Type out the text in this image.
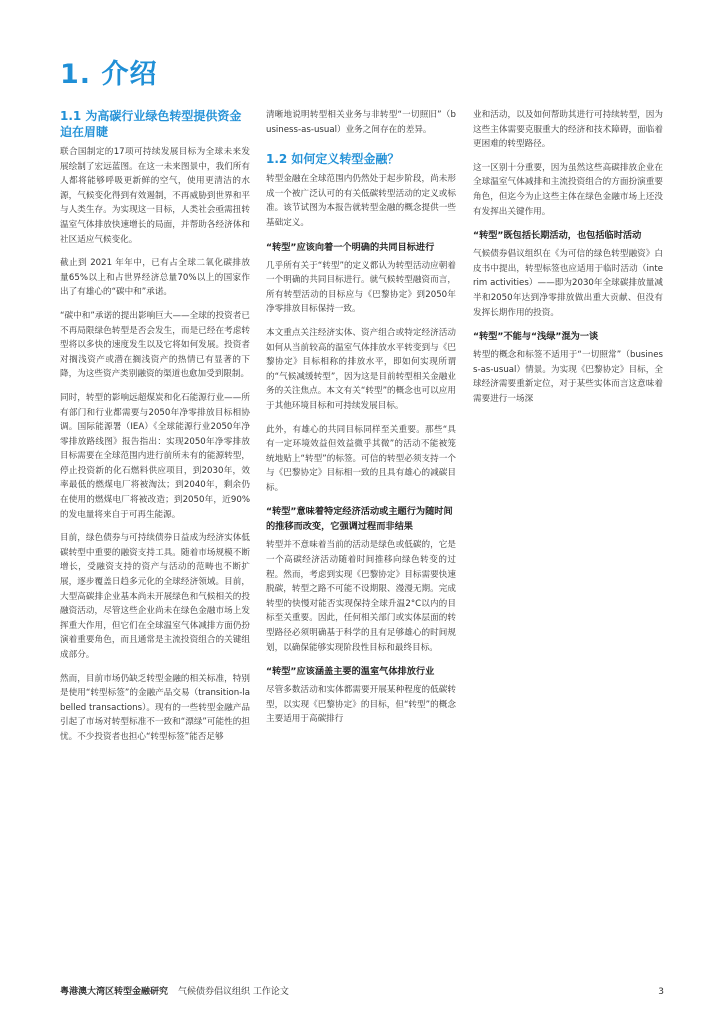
1. 介绍
1.1 为高碳行业绿色转型提供资金迫在眉睫

联合国制定的17项可持续发展目标为全球未来发展绘制了宏远蓝图。在这一未来图景中，我们所有人都将能够呼吸更新鲜的空气，使用更清洁的水源，气候变化得到有效遏制，不再威胁到世界和平与人类生存。为实现这一目标，人类社会亟需扭转温室气体排放快速增长的局面，并帮助各经济体和社区适应气候变化。

截止到 2021 年年中，已有占全球二氧化碳排放量65%以上和占世界经济总量70%以上的国家作出了有雄心的“碳中和”承诺。

“碳中和”承诺的提出影响巨大——全球的投资者已不再局限绿色转型是否会发生，而是已经在考虑转型将以多快的速度发生以及它将如何发展。投资者对搁浅资产或潜在搁浅资产的热情已有显著的下降，为这些资产类别融资的渠道也愈加受到限制。

同时，转型的影响远超煤炭和化石能源行业——所有部门和行业都需要与2050年净零排放目标相协调。国际能源署（IEA）《全球能源行业2050年净零排放路线图》报告指出：实现2050年净零排放目标需要在全球范围内进行前所未有的能源转型，停止投资新的化石燃料供应项目，到2030年，效率最低的燃煤电厂将被淘汰；到2040年，剩余仍在使用的燃煤电厂将被改造；到2050年，近90%的发电量将来自于可再生能源。

目前，绿色债券与可持续债券日益成为经济实体低碳转型中重要的融资支持工具。随着市场规模不断增长，受融资支持的资产与活动的范畴也不断扩展，逐步覆盖日趋多元化的全球经济领域。目前，大型高碳排企业基本尚未开展绿色和气候相关的投融资活动，尽管这些企业尚未在绿色金融市场上发挥重大作用，但它们在全球温室气体减排方面仍扮演着重要角色，而且通常是主流投资组合的关键组成部分。

然而，目前市场仍缺乏转型金融的相关标准，特别是使用“转型标签”的金融产品交易（transition-labelled transactions）。现有的一些转型金融产品引起了市场对转型标准不一致和“漂绿”可能性的担忧。不少投资者也担心“转型标签”能否足够

清晰地说明转型相关业务与非转型“一切照旧”（business-as-usual）业务之间存在的差异。

1.2 如何定义转型金融？

转型金融在全球范围内仍然处于起步阶段，尚未形成一个被广泛认可的有关低碳转型活动的定义或标准。该节试图为本报告就转型金融的概念提供一些基础定义。

“转型”应该向着一个明确的共同目标进行

几乎所有关于“转型”的定义都认为转型活动应朝着一个明确的共同目标进行。就气候转型融资而言，所有转型活动的目标应与《巴黎协定》到2050年净零排放目标保持一致。

本文重点关注经济实体、资产组合或特定经济活动如何从当前较高的温室气体排放水平转变到与《巴黎协定》目标相称的排放水平，即如何实现所谓的“气候减缓转型”，因为这是目前转型相关金融业务的关注焦点。本文有关“转型”的概念也可以应用于其他环境目标和可持续发展目标。

此外，有雄心的共同目标同样至关重要。那些“具有一定环境效益但效益微乎其微”的活动不能被笼统地贴上“转型”的标签。可信的转型必须支持一个与《巴黎协定》目标相一致的且具有雄心的减碳目标。

“转型”意味着特定经济活动或主题行为随时间的推移而改变，它强调过程而非结果

转型并不意味着当前的活动是绿色或低碳的，它是一个高碳经济活动随着时间推移向绿色转变的过程。然而，考虑到实现《巴黎协定》目标需要快速脱碳，转型之路不可能不设期限、漫漫无期。完成转型的快慢对能否实现保持全球升温2°C以内的目标至关重要。因此，任何相关部门或实体层面的转型路径必须明确基于科学的且有足够雄心的时间规划，以确保能够实现阶段性目标和最终目标。

“转型”应该涵盖主要的温室气体排放行业

尽管多数活动和实体都需要开展某种程度的低碳转型，以实现《巴黎协定》的目标，但“转型”的概念主要适用于高碳排行

业和活动，以及如何帮助其进行可持续转型，因为这些主体需要克服重大的经济和技术障碍，面临着更困难的转型路径。

这一区别十分重要，因为虽然这些高碳排放企业在全球温室气体减排和主流投资组合的方面扮演重要角色，但迄今为止这些主体在绿色金融市场上还没有发挥出关键作用。

“转型”既包括长期活动，也包括临时活动

气候债券倡议组织在《为可信的绿色转型融资》白皮书中提出，转型标签也应适用于临时活动（interim activities）——即为2030年全球碳排放量减半和2050年达到净零排放做出重大贡献、但没有发挥长期作用的投资。

“转型”不能与“浅绿”混为一谈

转型的概念和标签不适用于“一切照常”（business-as-usual）情景。为实现《巴黎协定》目标，全球经济需要重新定位，对于某些实体而言这意味着需要进行一场深

粤港澳大湾区转型金融研究 气候债券倡议组织 工作论文	3
